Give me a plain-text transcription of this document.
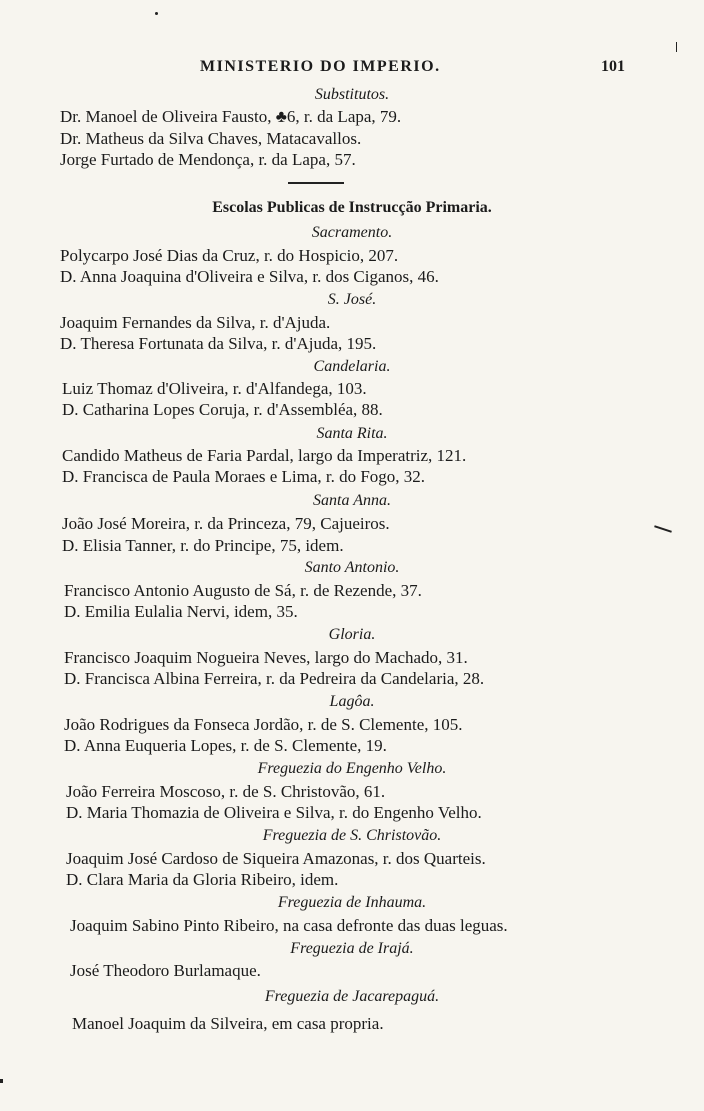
MINISTERIO DO IMPERIO.	101
Substitutos.
Dr. Manoel de Oliveira Fausto, ♣6, r. da Lapa, 79.
Dr. Matheus da Silva Chaves, Matacavallos.
Jorge Furtado de Mendonça, r. da Lapa, 57.
Escolas Publicas de Instrucção Primaria.
Sacramento.
Polycarpo José Dias da Cruz, r. do Hospicio, 207.
D. Anna Joaquina d'Oliveira e Silva, r. dos Ciganos, 46.
S. José.
Joaquim Fernandes da Silva, r. d'Ajuda.
D. Theresa Fortunata da Silva, r. d'Ajuda, 195.
Candelaria.
Luiz Thomaz d'Oliveira, r. d'Alfandega, 103.
D. Catharina Lopes Coruja, r. d'Assembléa, 88.
Santa Rita.
Candido Matheus de Faria Pardal, largo da Imperatriz, 121.
D. Francisca de Paula Moraes e Lima, r. do Fogo, 32.
Santa Anna.
João José Moreira, r. da Princeza, 79, Cajueiros.
D. Elisia Tanner, r. do Principe, 75, idem.
Santo Antonio.
Francisco Antonio Augusto de Sá, r. de Rezende, 37.
D. Emilia Eulalia Nervi, idem, 35.
Gloria.
Francisco Joaquim Nogueira Neves, largo do Machado, 31.
D. Francisca Albina Ferreira, r. da Pedreira da Candelaria, 28.
Lagôa.
João Rodrigues da Fonseca Jordão, r. de S. Clemente, 105.
D. Anna Euqueria Lopes, r. de S. Clemente, 19.
Freguezia do Engenho Velho.
João Ferreira Moscoso, r. de S. Christovão, 61.
D. Maria Thomazia de Oliveira e Silva, r. do Engenho Velho.
Freguezia de S. Christovão.
Joaquim José Cardoso de Siqueira Amazonas, r. dos Quarteis.
D. Clara Maria da Gloria Ribeiro, idem.
Freguezia de Inhauma.
Joaquim Sabino Pinto Ribeiro, na casa defronte das duas leguas.
Freguezia de Irajá.
José Theodoro Burlamaque.
Freguezia de Jacarepaguá.
Manoel Joaquim da Silveira, em casa propria.
